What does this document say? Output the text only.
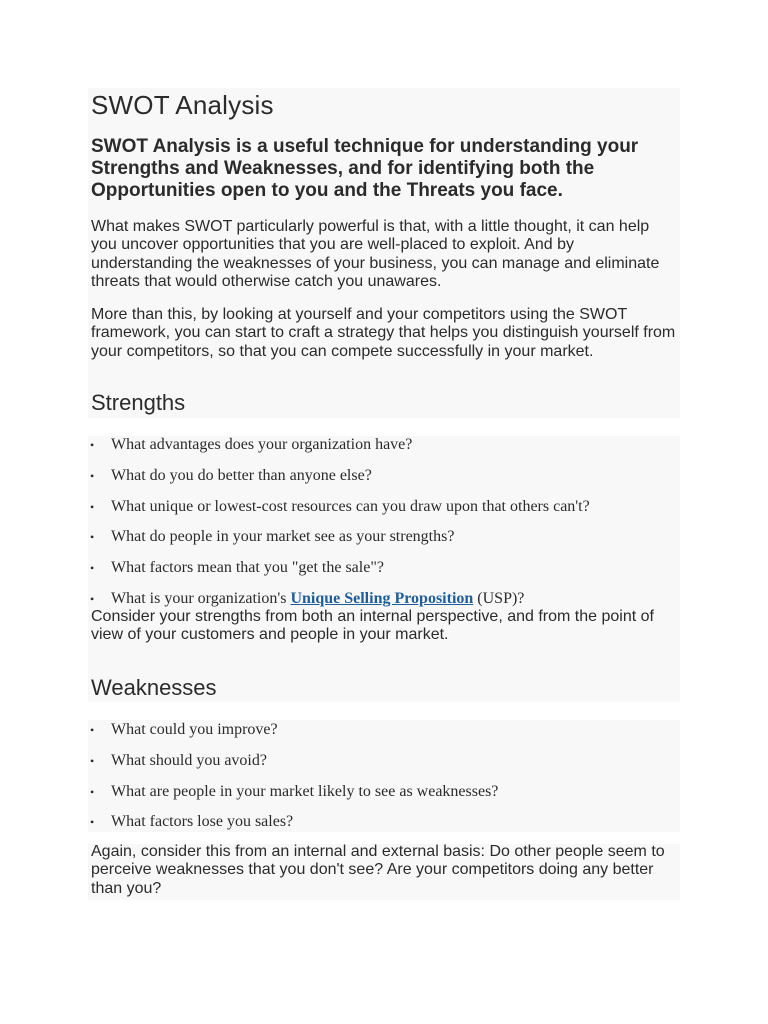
SWOT Analysis

SWOT Analysis is a useful technique for understanding your Strengths and Weaknesses, and for identifying both the Opportunities open to you and the Threats you face.

What makes SWOT particularly powerful is that, with a little thought, it can help you uncover opportunities that you are well-placed to exploit. And by understanding the weaknesses of your business, you can manage and eliminate threats that would otherwise catch you unawares.

More than this, by looking at yourself and your competitors using the SWOT framework, you can start to craft a strategy that helps you distinguish yourself from your competitors, so that you can compete successfully in your market.

Strengths
• What advantages does your organization have?
• What do you do better than anyone else?
• What unique or lowest-cost resources can you draw upon that others can't?
• What do people in your market see as your strengths?
• What factors mean that you "get the sale"?
• What is your organization's Unique Selling Proposition (USP)?

Consider your strengths from both an internal perspective, and from the point of view of your customers and people in your market.

Weaknesses
• What could you improve?
• What should you avoid?
• What are people in your market likely to see as weaknesses?
• What factors lose you sales?

Again, consider this from an internal and external basis: Do other people seem to perceive weaknesses that you don't see? Are your competitors doing any better than you?
